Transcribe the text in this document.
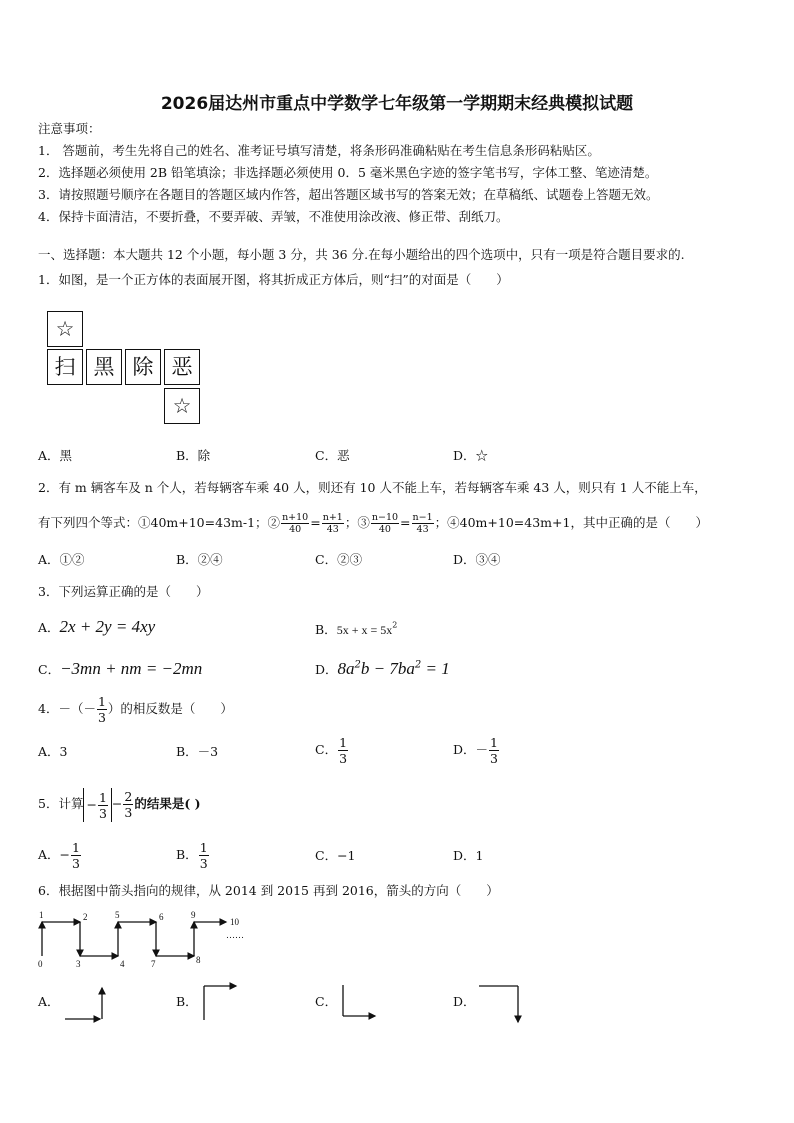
2026届达州市重点中学数学七年级第一学期期末经典模拟试题
注意事项：
1． 答题前，考生先将自己的姓名、准考证号填写清楚，将条形码准确粘贴在考生信息条形码粘贴区。
2．选择题必须使用 2B 铅笔填涂；非选择题必须使用 0．5 毫米黑色字迹的签字笔书写，字体工整、笔迹清楚。
3．请按照题号顺序在各题目的答题区域内作答，超出答题区域书写的答案无效；在草稿纸、试题卷上答题无效。
4．保持卡面清洁，不要折叠，不要弄破、弄皱，不准使用涂改液、修正带、刮纸刀。
一、选择题：本大题共 12 个小题，每小题 3 分，共 36 分.在每小题给出的四个选项中，只有一项是符合题目要求的.
1．如图，是一个正方体的表面展开图，将其折成正方体后，则“扫”的对面是（　　）
☆
扫 黑 除 恶
☆
A．黑	B．除	C．恶	D．☆
2．有 m 辆客车及 n 个人，若每辆客车乘 40 人，则还有 10 人不能上车，若每辆客车乘 43 人，则只有 1 人不能上车，
有下列四个等式：①40m+10=43m-1；② $\frac{n+10}{40} = \frac{n+1}{43}$ ；③ $\frac{n-10}{40} = \frac{n-1}{43}$ ；④40m+10=43m+1，其中正确的是（　　）
A．①②	B．②④	C．②③	D．③④
3．下列运算正确的是（　　）
A．2x + 2y = 4xy	B．$5x + x = 5x^2$
C．−3mn + nm = −2mn	D．$8a^2b - 7ba^2 = 1$
4．－（－ $\frac{1}{3}$ ）的相反数是（　　）
A．3	B．－3	C． $\frac{1}{3}$	D．－ $\frac{1}{3}$
5．计算 − $\frac{1}{3} - \frac{2}{3}$ 的结果是( )
A．− $\frac{1}{3}$	B． $\frac{1}{3}$	C．−1	D．1
6．根据图中箭头指向的规律，从 2014 到 2015 再到 2016，箭头的方向（　　）
0
1	2
3	4
5	6
7	8
9
10
……
A．	B．	C．	D．
